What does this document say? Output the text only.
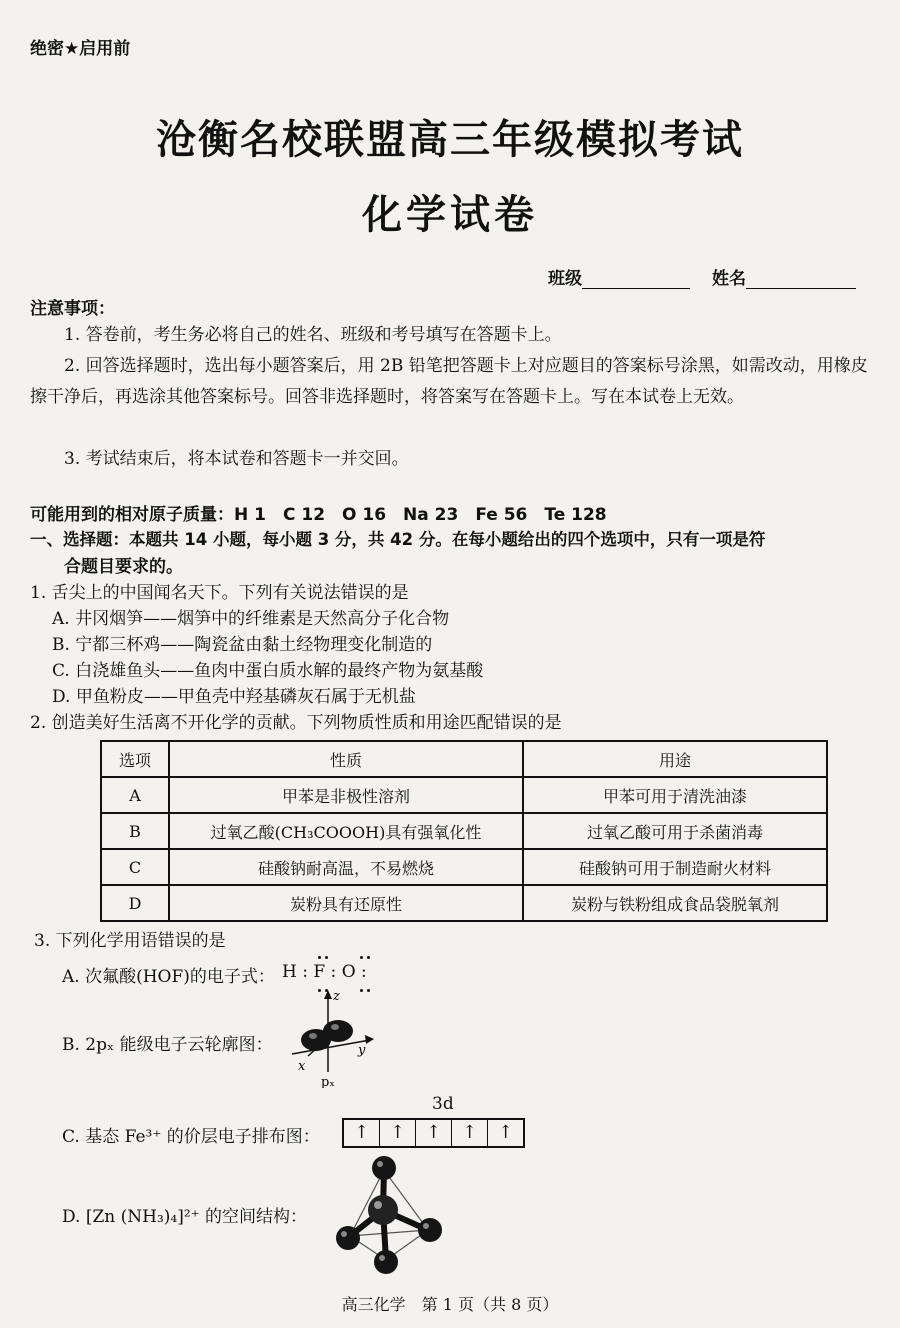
绝密★启用前
沧衡名校联盟高三年级模拟考试
化学试卷
班级	姓名
注意事项：
1. 答卷前，考生务必将自己的姓名、班级和考号填写在答题卡上。
2. 回答选择题时，选出每小题答案后，用 2B 铅笔把答题卡上对应题目的答案标号涂黑，如需改动，用橡皮擦干净后，再选涂其他答案标号。回答非选择题时，将答案写在答题卡上。写在本试卷上无效。
3. 考试结束后，将本试卷和答题卡一并交回。
可能用到的相对原子质量：H 1　C 12　O 16　Na 23　Fe 56　Te 128
一、选择题：本题共 14 小题，每小题 3 分，共 42 分。在每小题给出的四个选项中，只有一项是符
合题目要求的。
1. 舌尖上的中国闻名天下。下列有关说法错误的是
A. 井冈烟笋——烟笋中的纤维素是天然高分子化合物
B. 宁都三杯鸡——陶瓷盆由黏土经物理变化制造的
C. 白浇雄鱼头——鱼肉中蛋白质水解的最终产物为氨基酸
D. 甲鱼粉皮——甲鱼壳中羟基磷灰石属于无机盐
2. 创造美好生活离不开化学的贡献。下列物质性质和用途匹配错误的是
选项	性质	用途
A	甲苯是非极性溶剂	甲苯可用于清洗油漆
B	过氧乙酸(CH₃COOOH)具有强氧化性	过氧乙酸可用于杀菌消毒
C	硅酸钠耐高温，不易燃烧	硅酸钠可用于制造耐火材料
D	炭粉具有还原性	炭粉与铁粉组成食品袋脱氧剂
3. 下列化学用语错误的是
A. 次氟酸(HOF)的电子式： H : F : O :
B. 2pₓ 能级电子云轮廓图：
z
y
x
pₓ
C. 基态 Fe³⁺ 的价层电子排布图：
3d
↑	↑	↑	↑	↑
D. [Zn (NH₃)₄]²⁺ 的空间结构：
高三化学　第 1 页（共 8 页）
